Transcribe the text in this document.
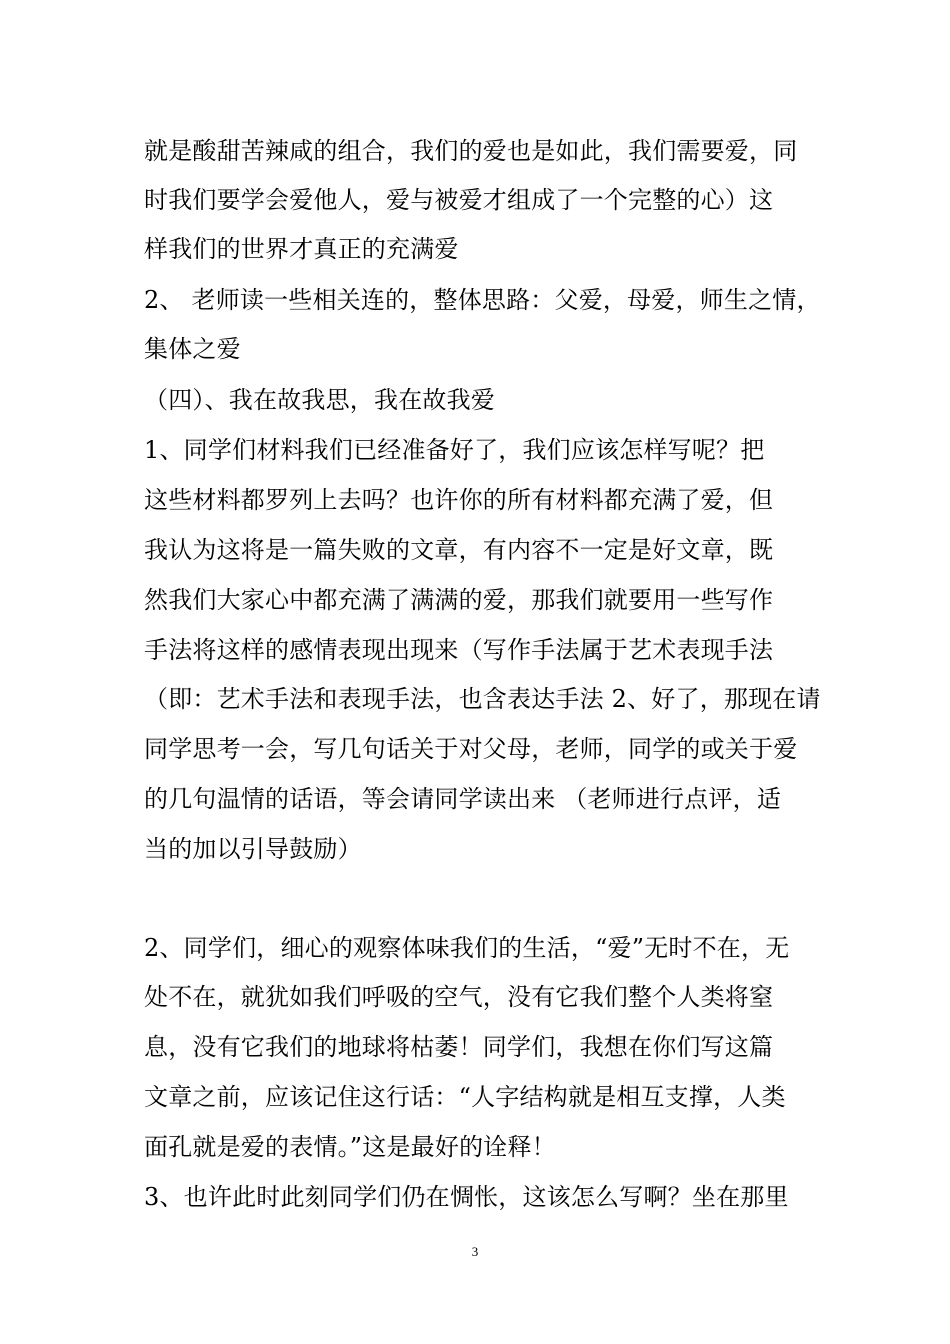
就是酸甜苦辣咸的组合，我们的爱也是如此，我们需要爱，同
时我们要学会爱他人，爱与被爱才组成了一个完整的心）这
样我们的世界才真正的充满爱
2、 老师读一些相关连的，整体思路：父爱，母爱，师生之情，
集体之爱
（四）、我在故我思，我在故我爱
1、同学们材料我们已经准备好了，我们应该怎样写呢？把
这些材料都罗列上去吗？也许你的所有材料都充满了爱，但
我认为这将是一篇失败的文章，有内容不一定是好文章，既
然我们大家心中都充满了满满的爱，那我们就要用一些写作
手法将这样的感情表现出现来（写作手法属于艺术表现手法
（即：艺术手法和表现手法，也含表达手法 2、好了，那现在请
同学思考一会，写几句话关于对父母，老师，同学的或关于爱
的几句温情的话语，等会请同学读出来 （老师进行点评，适
当的加以引导鼓励）
2、同学们，细心的观察体味我们的生活，“爱”无时不在，无
处不在，就犹如我们呼吸的空气，没有它我们整个人类将窒
息，没有它我们的地球将枯萎！同学们，我想在你们写这篇
文章之前，应该记住这行话：“人字结构就是相互支撑，人类
面孔就是爱的表情。”这是最好的诠释！
3、也许此时此刻同学们仍在惆怅，这该怎么写啊？坐在那里
3
